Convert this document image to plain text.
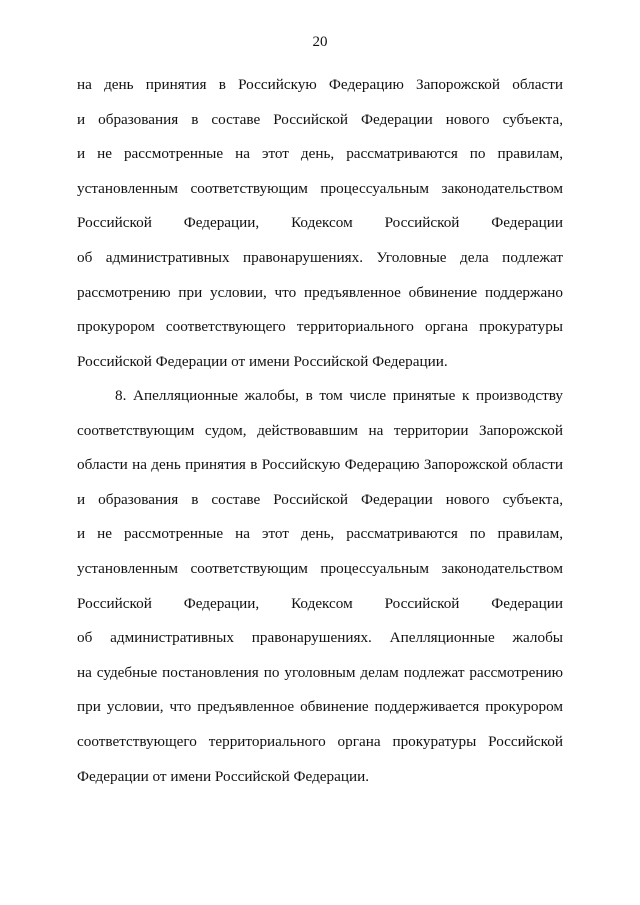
20
на день принятия в Российскую Федерацию Запорожской области
и образования в составе Российской Федерации нового субъекта,
и не рассмотренные на этот день, рассматриваются по правилам,
установленным соответствующим процессуальным законодательством
Российской Федерации, Кодексом Российской Федерации
об административных правонарушениях. Уголовные дела подлежат
рассмотрению при условии, что предъявленное обвинение поддержано
прокурором соответствующего территориального органа прокуратуры
Российской Федерации от имени Российской Федерации.
8. Апелляционные жалобы, в том числе принятые к производству
соответствующим судом, действовавшим на территории Запорожской
области на день принятия в Российскую Федерацию Запорожской области
и образования в составе Российской Федерации нового субъекта,
и не рассмотренные на этот день, рассматриваются по правилам,
установленным соответствующим процессуальным законодательством
Российской Федерации, Кодексом Российской Федерации
об административных правонарушениях. Апелляционные жалобы
на судебные постановления по уголовным делам подлежат рассмотрению
при условии, что предъявленное обвинение поддерживается прокурором
соответствующего территориального органа прокуратуры Российской
Федерации от имени Российской Федерации.
